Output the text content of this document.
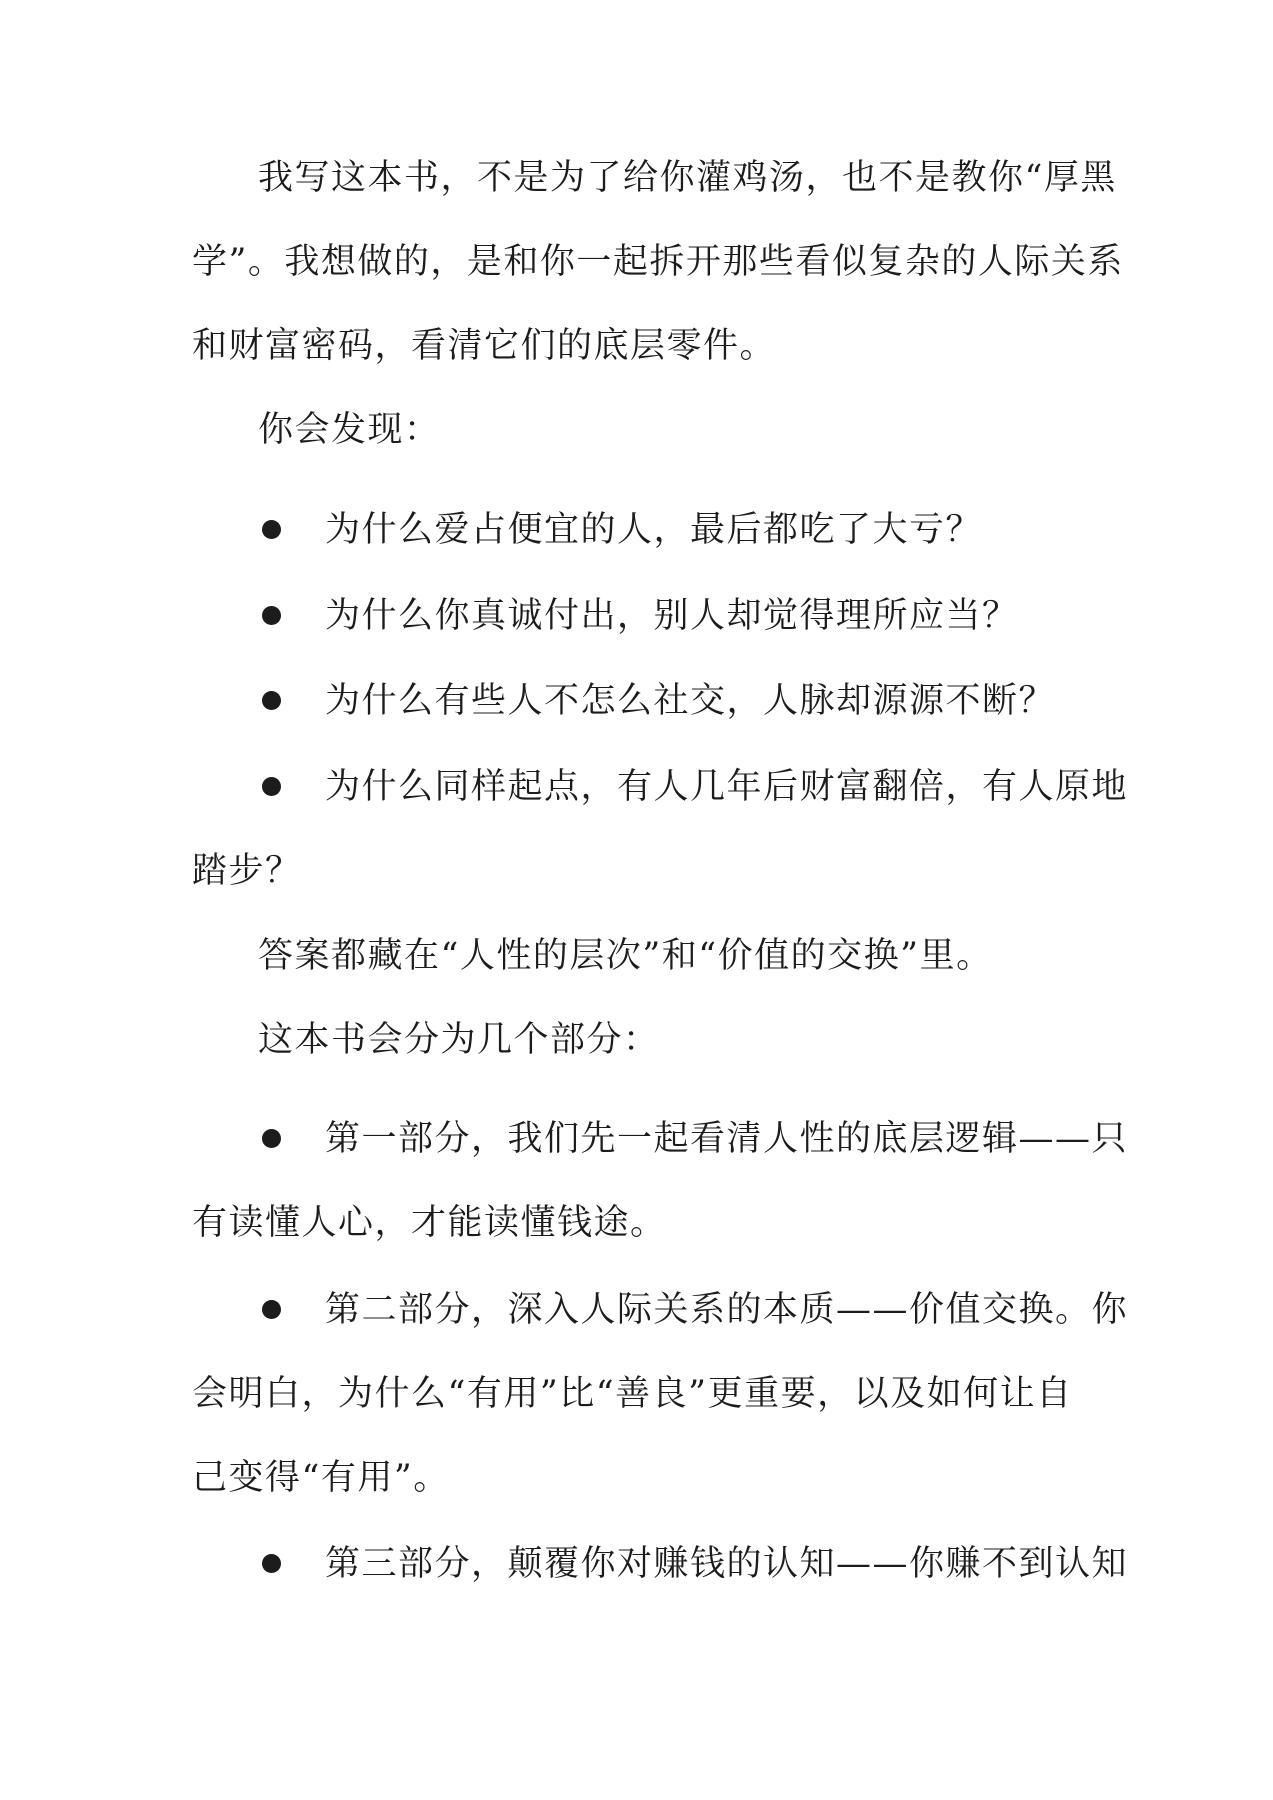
我写这本书，不是为了给你灌鸡汤，也不是教你“厚黑
学”。我想做的，是和你一起拆开那些看似复杂的人际关系
和财富密码，看清它们的底层零件。
你会发现：
为什么爱占便宜的人，最后都吃了大亏？
为什么你真诚付出，别人却觉得理所应当？
为什么有些人不怎么社交，人脉却源源不断？
为什么同样起点，有人几年后财富翻倍，有人原地
踏步？
答案都藏在“人性的层次”和“价值的交换”里。
这本书会分为几个部分：
第一部分，我们先一起看清人性的底层逻辑——只
有读懂人心，才能读懂钱途。
第二部分，深入人际关系的本质——价值交换。你
会明白，为什么“有用”比“善良”更重要，以及如何让自
己变得“有用”。
第三部分，颠覆你对赚钱的认知——你赚不到认知
